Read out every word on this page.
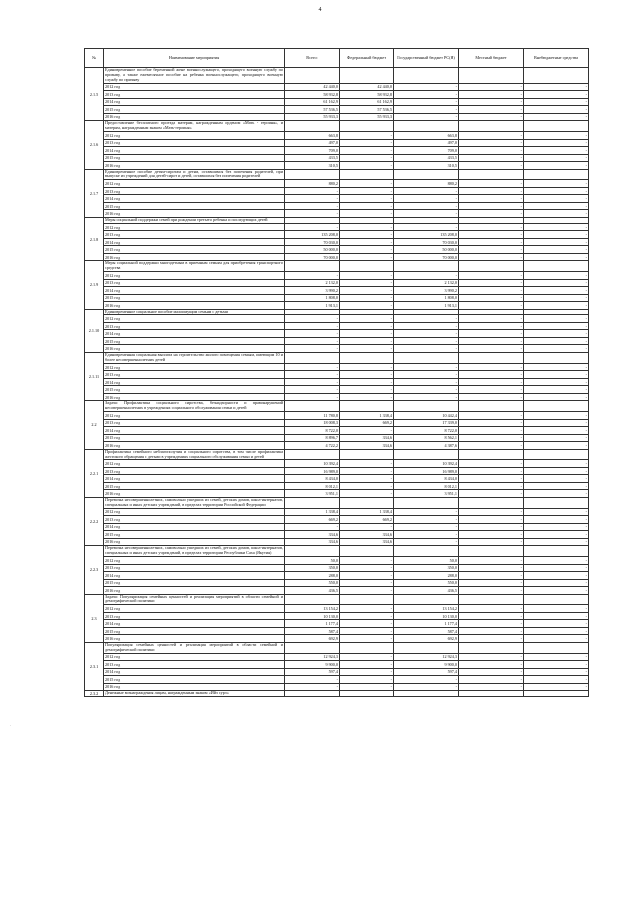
4
.
№	Наименование мероприятия	Всего:	Федеральный бюджет	Государственный бюджет РС(Я)	Местный бюджет	Внебюджетные средства
2.1.5	Единовременное пособие беременной жене военнослужащего, проходящего военную службу по призыву, а также ежемесячное пособие на ребенка военнослужащего, проходящего военную службу по призыву					
	2012 год	42 440,0	42 440,0	-	-	-
	2013 год	58 932,8	58 932,8	-	-	-
	2014 год	61 162,9	61 162,9	-	-	-
	2015 год	57 536,5	57 536,5	-	-	-
	2016 год	55 933,3	55 933,3	-	-	-
2.1.6	Предоставление бесплатного проезда матерям, награжденным орденом «Мать - героиня», и матерям, награжденным знаком «Мать-героиня»					
	2012 год	663,8	-	663,8	-	-
	2013 год	497,0	-	497,0	-	-
	2014 год	709,0	-	709,0	-	-
	2015 год	433,5	-	433,5	-	-
	2016 год	310,5	-	310,5	-	-
2.1.7	Единовременное пособие детям-сиротам и детям, оставшимся без попечения родителей, при выпуске из учреждений для детей-сирот и детей, оставшихся без попечения родителей					
	2012 год	880,2	-	880,2	-	-
	2013 год	-	-	-	-	-
	2014 год	-	-	-	-	-
	2015 год	-	-	-	-	-
	2016 год	-	-	-	-	-
2.1.8	Меры социальной поддержки семей при рождении третьего ребенка и последующих детей					
	2012 год	-	-	-	-	-
	2013 год	135 208,0	-	135 208,0	-	-
	2014 год	70 030,0	-	70 030,0	-	-
	2015 год	50 000,0	-	50 000,0	-	-
	2016 год	70 000,0	-	70 000,0	-	-
2.1.9	Меры социальной поддержки многодетным в приемным семьям для приобретения транспортного средства					
	2012 год	-	-	-	-	-
	2013 год	2 132,0	-	2 132,0	-	-
	2014 год	3 990,2	-	3 990,2	-	-
	2015 год	1 808,0	-	1 808,0	-	-
	2016 год	1 913,1	-	1 913,1	-	-
2.1.10	Единовременное социальное пособие малоимущим семьям с детьми					
	2012 год	-	-	-	-	-
	2013 год	-	-	-	-	-
	2014 год	-	-	-	-	-
	2015 год	-	-	-	-	-
	2016 год	-	-	-	-	-
2.1.11	Единовременная социальная выплата на строительство жилого помещения семьям, имеющим 10 и более несовершеннолетних детей					
	2012 год	-	-	-	-	-
	2013 год	-	-	-	-	-
	2014 год	-	-	-	-	-
	2015 год	-	-	-	-	-
	2016 год	-	-	-	-	-
2.2	Задача: Профилактика социального сиротства, безнадзорности и правонарушений несовершеннолетних в учреждениях социального обслуживания семьи и детей					
	2012 год	11 780,8	1 338,4	10 442,4	-	-
	2013 год	18 008,3	669,2	17 339,0	-	-
	2014 год	8 722,0	-	8 722,0	-	-
	2015 год	8 896,7	334,6	8 562,1	-	-
	2016 год	4 722,2	334,6	4 387,6	-	-
2.2.1	Профилактика семейного неблагополучия и социального сиротства, в том числе профилактика жестокого обращения с детьми в учреждениях социального обслуживания семьи и детей					
	2012 год	10 392,4	-	10 392,4	-	-
	2013 год	16 989,0	-	16 989,0	-	-
	2014 год	8 434,0	-	8 434,0	-	-
	2015 год	8 012,1	-	8 012,1	-	-
	2016 год	3 951,1	-	3 951,1	-	-
2.2.2	Перевозка несовершеннолетних, самовольно ушедших из семей, детских домов, школ-интернатов, специальных и иных детских учреждений, в пределах территории Российской Федерации					
	2012 год	1 338,4	1 338,4	-	-	-
	2013 год	669,2	669,2	-	-	-
	2014 год	-	-	-	-	-
	2015 год	334,6	334,6	-	-	-
	2016 год	334,6	334,6	-	-	-
2.2.3	Перевозка несовершеннолетних, самовольно ушедших из семей, детских домов, школ-интернатов, специальных и иных детских учреждений, в пределах территории Республики Саха (Якутия)					
	2012 год	50,0	-	50,0	-	-
	2013 год	350,0	-	350,0	-	-
	2014 год	288,0	-	288,0	-	-
	2015 год	550,0	-	550,0	-	-
	2016 год	436,5	-	436,5	-	-
2.3	Задача: Популяризация семейных ценностей и реализация мероприятий в области семейной и демографической политики					
	2012 год	13 154,2	-	13 154,2	-	-
	2013 год	10 130,0	-	10 130,0	-	-
	2014 год	1 177,4	-	1 177,4	-	-
	2015 год	587,4	-	587,4	-	-
	2016 год	692,9	-	692,9	-	-
2.3.1	Популяризация семейных ценностей и реализация мероприятий в области семейной и демографической политики					
	2012 год	12 924,3	-	12 924,3	-	-
	2013 год	9 900,0	-	9 900,0	-	-
	2014 год	597,4	-	597,4	-	-
	2015 год	-	-	-	-	-
	2016 год	-	-	-	-	-
2.3.2	Денежные вознаграждения лицам, награжденным знаком «Ийэ сурэ»					
